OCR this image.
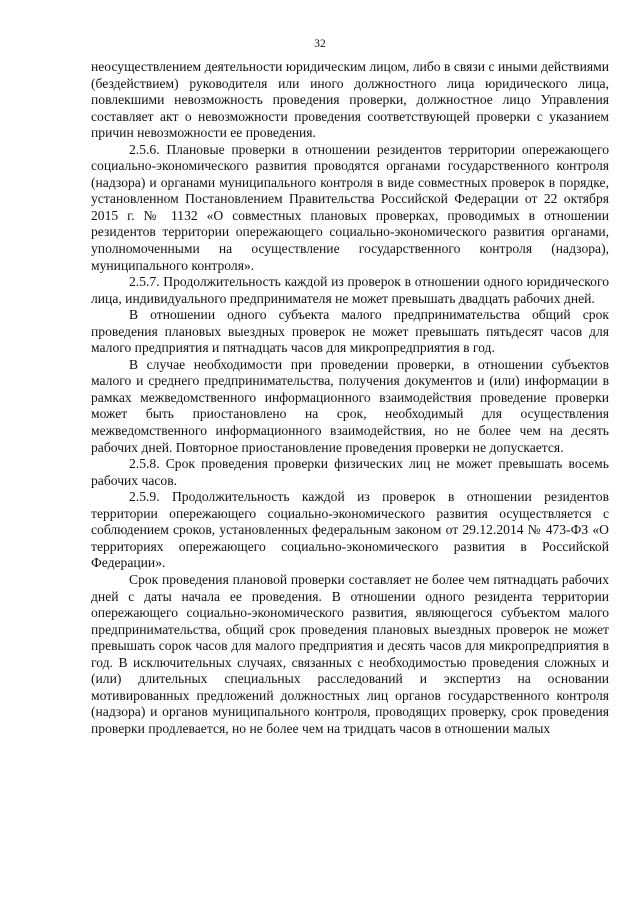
32

неосуществлением деятельности юридическим лицом, либо в связи с иными действиями (бездействием) руководителя или иного должностного лица юридического лица, повлекшими невозможность проведения проверки, должностное лицо Управления составляет акт о невозможности проведения соответствующей проверки с указанием причин невозможности ее проведения.

2.5.6. Плановые проверки в отношении резидентов территории опережающего социально-экономического развития проводятся органами государственного контроля (надзора) и органами муниципального контроля в виде совместных проверок в порядке, установленном Постановлением Правительства Российской Федерации от 22 октября 2015 г. № 1132 «О совместных плановых проверках, проводимых в отношении резидентов территории опережающего социально-экономического развития органами, уполномоченными на осуществление государственного контроля (надзора), муниципального контроля».

2.5.7. Продолжительность каждой из проверок в отношении одного юридического лица, индивидуального предпринимателя не может превышать двадцать рабочих дней.

В отношении одного субъекта малого предпринимательства общий срок проведения плановых выездных проверок не может превышать пятьдесят часов для малого предприятия и пятнадцать часов для микропредприятия в год.

В случае необходимости при проведении проверки, в отношении субъектов малого и среднего предпринимательства, получения документов и (или) информации в рамках межведомственного информационного взаимодействия проведение проверки может быть приостановлено на срок, необходимый для осуществления межведомственного информационного взаимодействия, но не более чем на десять рабочих дней. Повторное приостановление проведения проверки не допускается.

2.5.8. Срок проведения проверки физических лиц не может превышать восемь рабочих часов.

2.5.9. Продолжительность каждой из проверок в отношении резидентов территории опережающего социально-экономического развития осуществляется с соблюдением сроков, установленных федеральным законом от 29.12.2014 № 473-ФЗ «О территориях опережающего социально-экономического развития в Российской Федерации».

Срок проведения плановой проверки составляет не более чем пятнадцать рабочих дней с даты начала ее проведения. В отношении одного резидента территории опережающего социально-экономического развития, являющегося субъектом малого предпринимательства, общий срок проведения плановых выездных проверок не может превышать сорок часов для малого предприятия и десять часов для микропредприятия в год. В исключительных случаях, связанных с необходимостью проведения сложных и (или) длительных специальных расследований и экспертиз на основании мотивированных предложений должностных лиц органов государственного контроля (надзора) и органов муниципального контроля, проводящих проверку, срок проведения проверки продлевается, но не более чем на тридцать часов в отношении малых
